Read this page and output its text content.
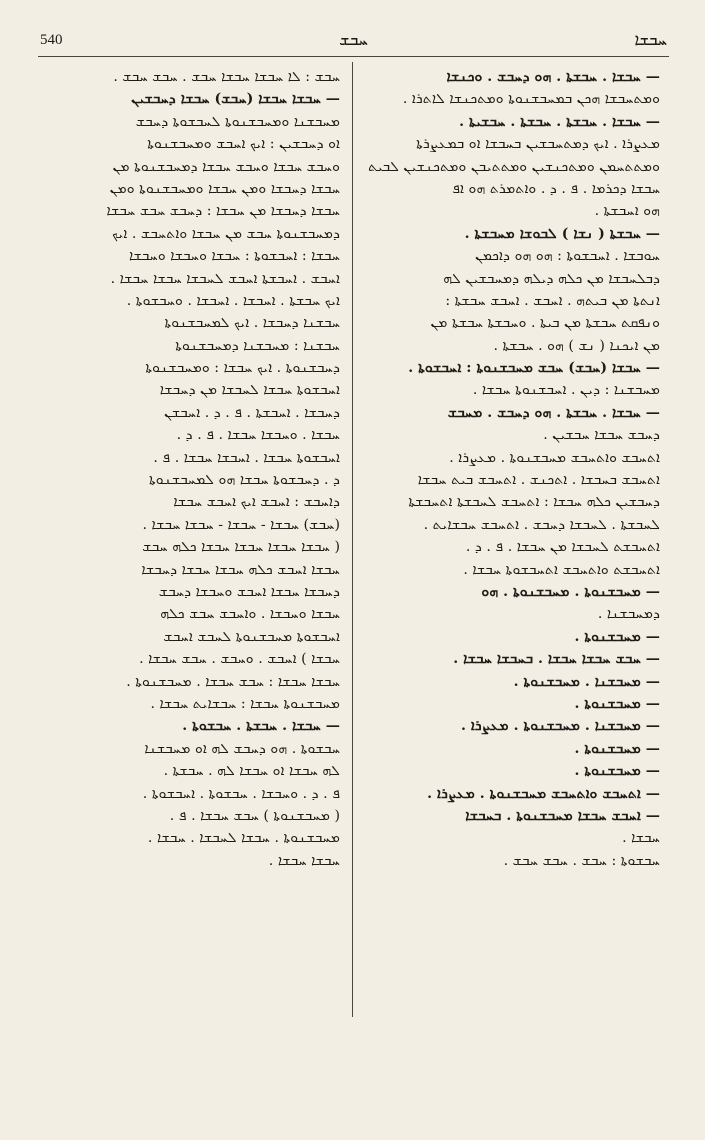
540	ܚܒܫ	ܚܒܫܐ
— ܚܒܫܐ . ܚܒܫܬܐ . ܗܘ ܕܚܒܫ . ܘܟܢܫܐ
ܘܡܬܚܒܫܐ ܗܟܢ ܒܡܚܒܫܢܘܬܐ ܘܡܬܟܢܫܐ ܠܐܬܪܐ .
— ܚܒܫܐ . ܚܒܫܬܐ . ܚܒܫܬܐ . ܚܒܫܝܬܐ .
ܡܥܨܪܐ . ܐܝܟ ܕܡܬܚܒܫܝܢ ܒܚܒܫܐ ܐܘ ܒܡܥܨܪܬܐ
ܘܡܬܬܚܡܢ ܘܡܬܟܢܫܝܢ ܘܡܬܬܝܒܢ ܘܡܬܟܢܫܝܢ ܠܒܝܬ
ܚܒܫܐ ܕܟܪܡܐ . ܦ . ܕ . ܘܐܬܡܪܬ ܗܘ ܐܦ
ܗܘ ܐܚܒܫܬܐ .
— ܚܒܫܬܐ ( ܢܫܐ ) ܠܒܘܫܐ ܡܚܒܫܬܐ .
ܚܘܒܫܐ . ܐܚܒܫܘܬܐ : ܗܘ ܗܘ ܕܐܟܡܢ
ܕܒܠܚܒܫܐ ܡܢ ܟܠܗ ܕܝܠܗ ܕܡܚܒܫܝܢ ܠܗ
ܐܢܬܬܐ ܡܢ ܒܝܬܗ . ܐܚܒܫ . ܐܚܒܫ ܚܒܫܬܐ :
ܘܢܦܩܬ ܚܒܫܬܐ ܡܢ ܒܝܬܐ . ܘܚܒܫܬܐ ܚܒܫܬܐ ܡܢ
ܡܢ ܐܝܟܢܐ ( ܢܫ ) ܗܘ . ܚܒܫܬܐ .
— ܚܒܫܐ (ܚܒܫ) ܚܒܫ ܡܚܒܫܢܘܬܐ : ܐܚܒܫܘܬܐ .
ܡܚܒܫܢܐ : ܕܝܢ . ܐܚܒܫܢܘܬܐ ܚܒܫܐ .
— ܚܒܫܐ . ܚܒܫܬܐ . ܗܘ ܕܚܒܫ . ܡܚܒܫ
ܕܚܒܫ ܚܒܫܐ ܚܒܫܝܢ .
ܐܬܚܒܫ ܘܐܬܚܒܫ ܡܚܒܫܢܘܬܐ . ܡܥܨܪܐ .
ܐܬܚܒܫ ܒܚܒܫܐ . ܐܬܟܢܫ . ܐܬܚܒܫ ܒܝܬ ܚܒܫܐ
ܕܚܒܫܝܢ ܟܠܗ ܚܒܫܐ : ܐܬܚܒܫ ܠܚܒܫܬܐ ܐܬܚܒܫܬܐ
ܠܚܒܫܬܐ . ܠܚܒܫܐ ܕܚܒܫ . ܐܬܚܒܫ ܚܒܫܐܝܬ .
ܐܬܚܒܫܬ ܠܚܒܫܐ ܡܢ ܚܒܫܐ . ܦ . ܕ .
ܐܬܚܒܫܬ ܘܐܬܚܒܫ ܐܬܚܒܫܘܬܐ ܚܒܫܐ .
— ܡܚܒܫܢܘܬܐ . ܡܚܒܫܢܘܬܐ . ܗܘ
ܕܡܚܒܫܢܐ .
— ܡܚܒܫܢܘܬܐ .
— ܚܒܫ ܚܒܫܐ ܚܒܫܐ . ܒܚܒܫܐ ܚܒܫܐ .
— ܡܚܒܫܢܐ . ܡܚܒܫܢܘܬܐ .
— ܡܚܒܫܢܘܬܐ .
— ܡܚܒܫܢܐ . ܡܚܒܫܢܘܬܐ . ܡܥܨܪܐ .
— ܡܚܒܫܢܘܬܐ .
— ܡܚܒܫܢܘܬܐ .
— ܐܬܚܒܫ ܘܐܬܚܒܫ ܡܚܒܫܢܘܬܐ . ܡܥܨܪܐ .
— ܐܚܒܫ ܚܒܫܐ ܡܚܒܫܢܘܬܐ . ܒܚܒܫܐ
ܚܒܫܐ .
ܚܒܫܘܬܐ : ܚܒܫ . ܚܒܫ ܚܒܫ .
ܚܒܫ : ܠܐ ܚܒܫܐ ܚܒܫܐ ܚܒܫ . ܚܒܫ ܚܒܫ .
— ܚܒܫܐ ܚܒܫܐ (ܚܒܫ) ܚܒܫܐ ܕܚܒܫܝܢ
ܡܚܒܫܢܐ ܘܡܚܒܫܢܘܬܐ ܠܚܒܫܘܬܐ ܕܚܒܫ
ܐܘ ܕܚܒܫܝܢ : ܐܝܟ ܐܚܒܫ ܘܡܚܒܫܢܘܬܐ
ܘܚܒܫ ܚܒܫܐ ܘܚܒܫ ܚܒܫܐ ܕܡܚܒܫܢܘܬܐ ܡܢ
ܚܒܫܐ ܕܚܒܫܐ ܘܡܢ ܚܒܫܐ ܘܡܚܒܫܢܘܬܐ ܘܡܢ
ܚܒܫܐ ܕܚܒܫܐ ܡܢ ܚܒܫܐ : ܕܚܒܫ ܚܒܫ ܚܒܫܐ
ܕܡܚܒܫܢܘܬܐ ܚܒܫ ܡܢ ܚܒܫܐ ܘܐܬܚܒܫ . ܐܝܟ
ܚܒܫܐ : ܐܚܒܫܘܬܐ : ܚܒܫܐ ܘܚܒܫܐ ܘܚܒܫܐ
ܐܚܒܫ . ܐܚܒܫܬܐ ܐܚܒܫ ܠܚܒܫܐ ܚܒܫܐ ܚܒܫܐ .
ܐܝܟ ܚܒܫܬܐ . ܐܚܒܫܐ . ܐܚܒܫܐ . ܘܚܒܫܘܬܐ .
ܚܒܫܢܐ ܕܚܒܫܐ . ܐܝܟ ܠܡܚܒܫܢܘܬܐ
ܚܒܫܢܐ : ܡܚܒܫܢܐ ܕܡܚܒܫܢܘܬܐ
ܕܚܒܫܢܘܬܐ . ܐܝܟ ܚܒܫܐ : ܘܡܚܒܫܢܘܬܐ
ܐܚܒܫܘܬܐ ܚܒܫܐ ܠܚܒܫܐ ܡܢ ܕܚܒܫܐ
ܕܚܒܫܐ . ܐܚܒܫܬܐ . ܦ . ܕ . ܐܚܒܫܢ
ܚܒܫܐ . ܘܚܒܫܐ ܚܒܫܐ . ܦ . ܕ .
ܐܚܒܫܘܬܐ ܚܒܫܐ . ܐܚܒܫܐ ܚܒܫܐ . ܦ .
ܕ . ܕܚܒܫܘܬܐ ܚܒܫܐ ܗܘ ܠܡܚܒܫܢܘܬܐ
ܕܐܚܒܫ : ܐܚܒܫ ܐܝܟ ܐܚܒܫ ܚܒܫܐ
(ܚܒܫ) ܚܒܫܐ - ܚܒܫܐ - ܚܒܫܐ ܚܒܫܐ .
( ܚܒܫܐ ܚܒܫܐ ܚܒܫܐ ܚܒܫܐ ܟܠܗ ܚܒܫ
ܚܒܫܐ ܐܚܒܫ ܟܠܗ ܚܒܫܐ ܚܒܫܐ ܕܚܒܫܐ
ܕܚܒܫܐ ܚܒܫܐ ܐܚܒܫ ܘܚܒܫܐ ܕܚܒܫ
ܚܒܫܐ ܘܚܒܫܐ . ܘܐܚܒܫ ܚܒܫ ܟܠܗ
ܐܚܒܫܘܬܐ ܡܚܒܫܢܘܬܐ ܠܚܒܫ ܐܚܒܫ
ܚܒܫܐ ) ܐܚܒܫ . ܘܚܒܫ . ܚܒܫ ܚܒܫܐ .
ܚܒܫܐ ܚܒܫܐ : ܚܒܫ ܚܒܫܐ . ܡܚܒܫܢܘܬܐ .
ܡܚܒܫܢܘܬܐ ܚܒܫܐ : ܚܒܫܐܝܬ ܚܒܫܐ .
— ܚܒܫܐ . ܚܒܫܬܐ . ܚܒܫܘܬܐ .
ܚܒܫܘܬܐ . ܗܘ ܕܚܒܫ ܠܗ ܐܘ ܡܚܒܫܢܐ
ܠܗ ܚܒܫܐ ܐܘ ܚܒܫܐ ܠܗ . ܚܒܫܬܐ .
ܦ . ܕ . ܘܚܒܫܐ . ܚܒܫܘܬܐ . ܐܚܒܫܘܬܐ .
( ܡܚܒܫܢܘܬܐ ) ܚܒܫ ܚܒܫܐ . ܦ .
ܡܚܒܫܢܘܬܐ . ܚܒܫܐ ܠܚܒܫܐ . ܚܒܫܐ .
ܚܒܫܐ ܚܒܫܐ .
